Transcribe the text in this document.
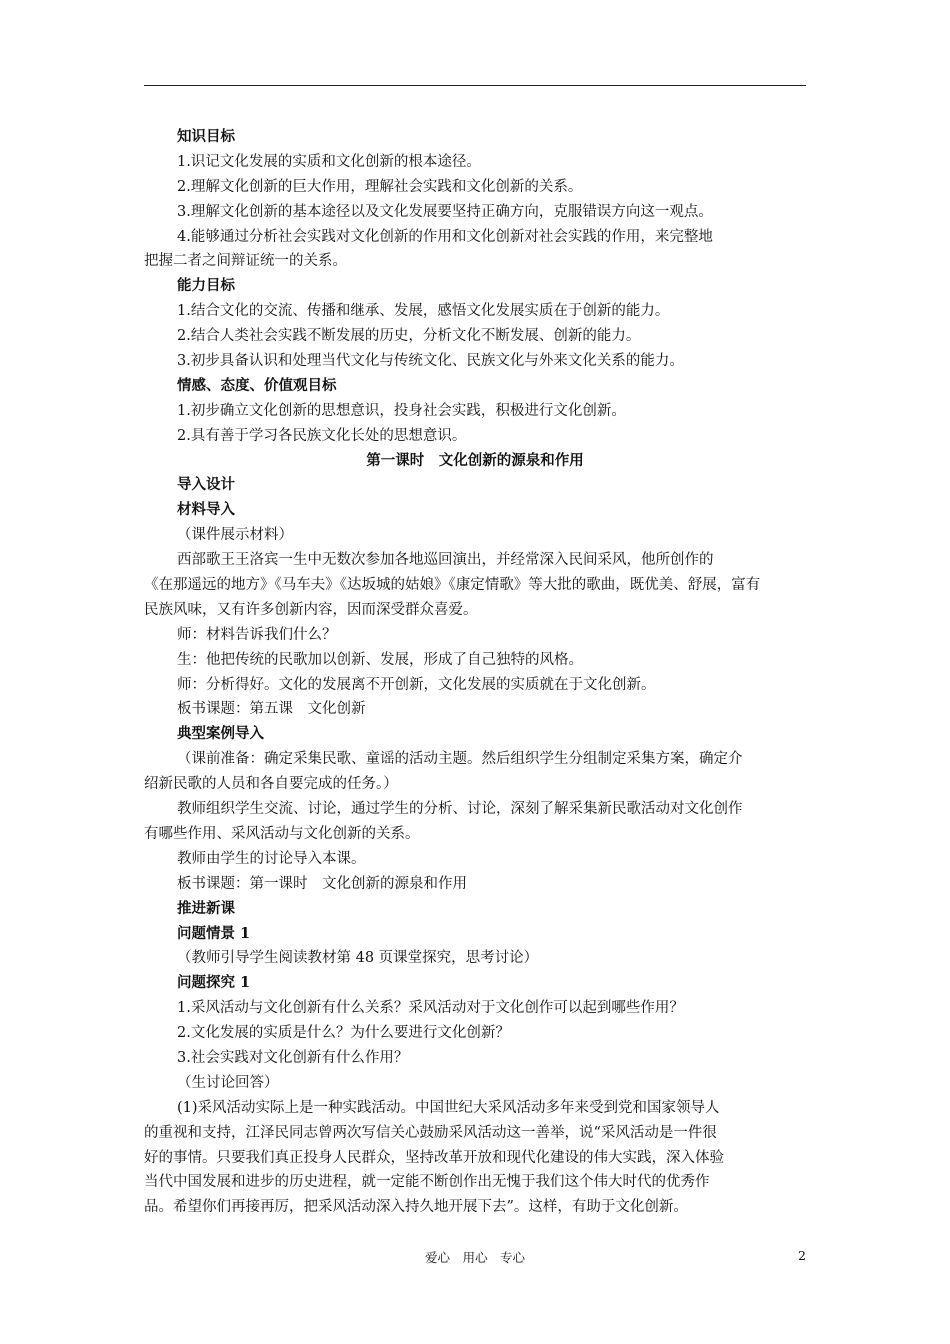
知识目标
1.识记文化发展的实质和文化创新的根本途径。
2.理解文化创新的巨大作用，理解社会实践和文化创新的关系。
3.理解文化创新的基本途径以及文化发展要坚持正确方向，克服错误方向这一观点。
4.能够通过分析社会实践对文化创新的作用和文化创新对社会实践的作用，来完整地
把握二者之间辩证统一的关系。
能力目标
1.结合文化的交流、传播和继承、发展，感悟文化发展实质在于创新的能力。
2.结合人类社会实践不断发展的历史，分析文化不断发展、创新的能力。
3.初步具备认识和处理当代文化与传统文化、民族文化与外来文化关系的能力。
情感、态度、价值观目标
1.初步确立文化创新的思想意识，投身社会实践，积极进行文化创新。
2.具有善于学习各民族文化长处的思想意识。
第一课时　文化创新的源泉和作用
导入设计
材料导入
（课件展示材料）
西部歌王王洛宾一生中无数次参加各地巡回演出，并经常深入民间采风，他所创作的
《在那遥远的地方》《马车夫》《达坂城的姑娘》《康定情歌》等大批的歌曲，既优美、舒展，富有
民族风味，又有许多创新内容，因而深受群众喜爱。
师：材料告诉我们什么？
生：他把传统的民歌加以创新、发展，形成了自己独特的风格。
师：分析得好。文化的发展离不开创新，文化发展的实质就在于文化创新。
板书课题：第五课　文化创新
典型案例导入
（课前准备：确定采集民歌、童谣的活动主题。然后组织学生分组制定采集方案，确定介
绍新民歌的人员和各自要完成的任务。）
教师组织学生交流、讨论，通过学生的分析、讨论，深刻了解采集新民歌活动对文化创作
有哪些作用、采风活动与文化创新的关系。
教师由学生的讨论导入本课。
板书课题：第一课时　文化创新的源泉和作用
推进新课
问题情景 1
（教师引导学生阅读教材第 48 页课堂探究，思考讨论）
问题探究 1
1.采风活动与文化创新有什么关系？采风活动对于文化创作可以起到哪些作用？
2.文化发展的实质是什么？为什么要进行文化创新？
3.社会实践对文化创新有什么作用？
（生讨论回答）
(1)采风活动实际上是一种实践活动。中国世纪大采风活动多年来受到党和国家领导人
的重视和支持，江泽民同志曾两次写信关心鼓励采风活动这一善举，说“采风活动是一件很
好的事情。只要我们真正投身人民群众，坚持改革开放和现代化建设的伟大实践，深入体验
当代中国发展和进步的历史进程，就一定能不断创作出无愧于我们这个伟大时代的优秀作
品。希望你们再接再厉，把采风活动深入持久地开展下去”。这样，有助于文化创新。
爱心　用心　专心	2
